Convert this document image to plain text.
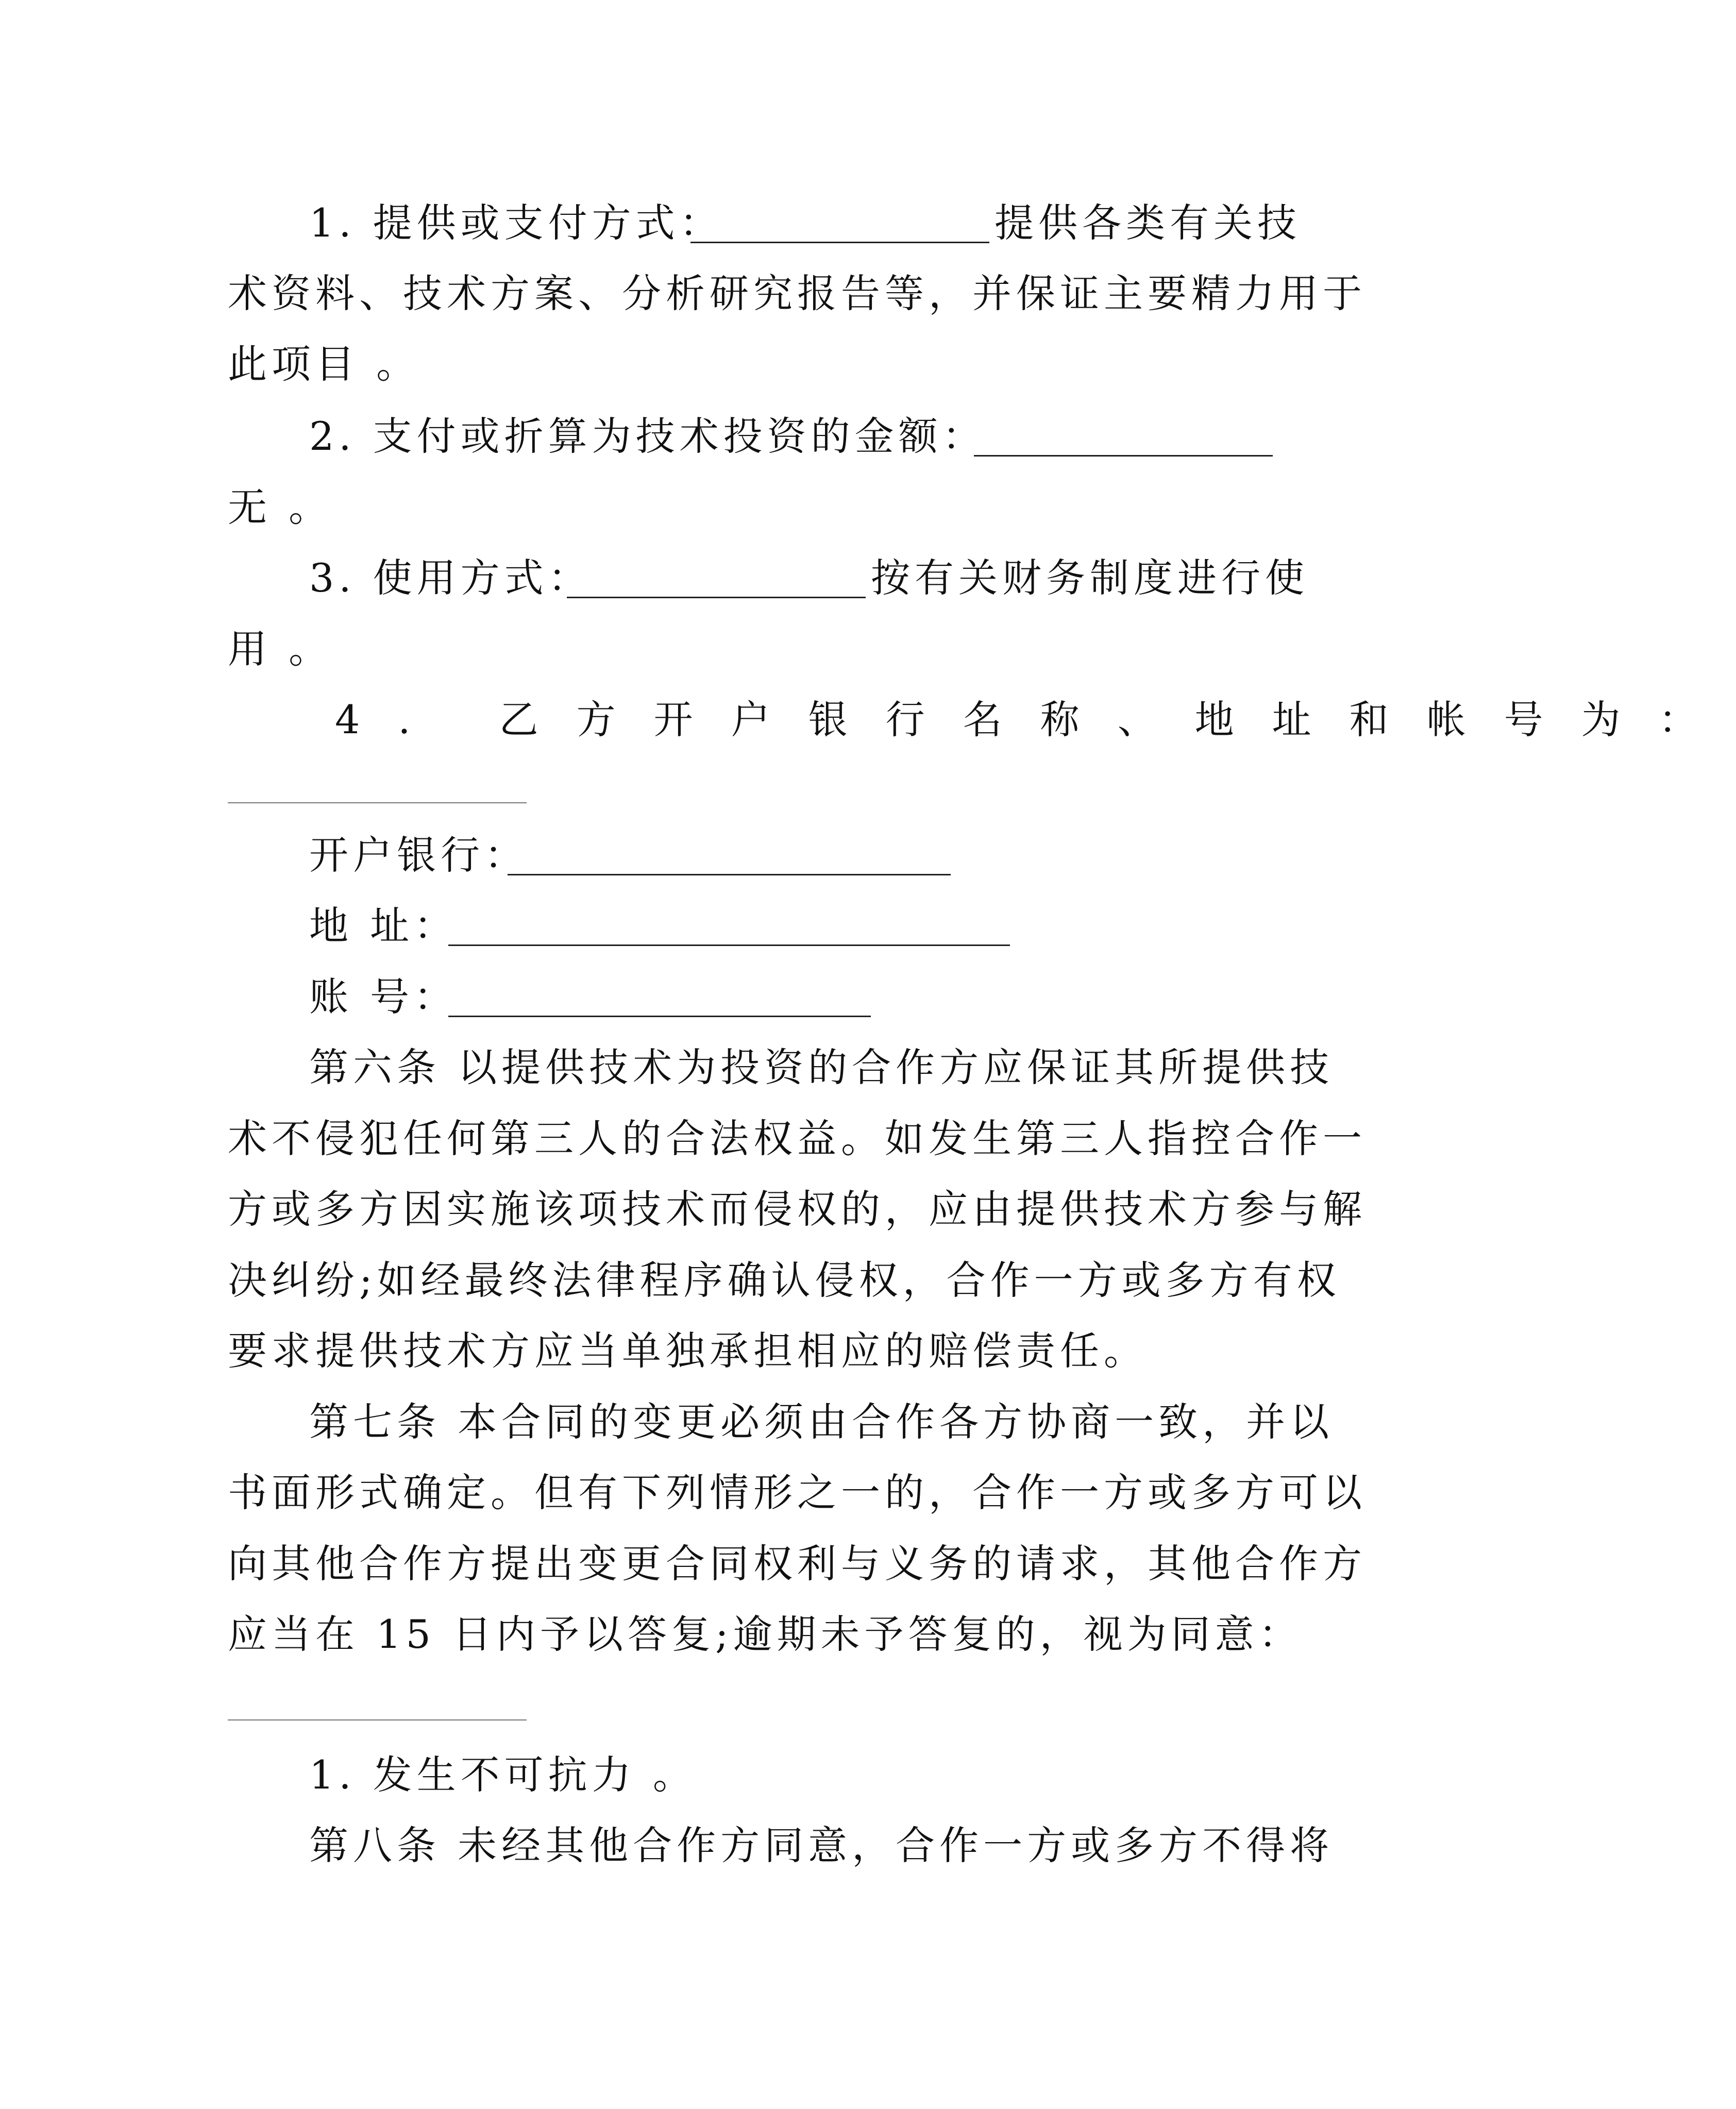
1. 提供或支付方式：	提供各类有关技
术资料、技术方案、分析研究报告等，并保证主要精力用于
此项目 。
2. 支付或折算为技术投资的金额：
无 。
3. 使用方式：	按有关财务制度进行使
用 。
4. 乙方开户银行名称、地址和帐号为：
开户银行：
地 址：
账 号：
第六条 以提供技术为投资的合作方应保证其所提供技
术不侵犯任何第三人的合法权益。如发生第三人指控合作一
方或多方因实施该项技术而侵权的，应由提供技术方参与解
决纠纷;如经最终法律程序确认侵权，合作一方或多方有权
要求提供技术方应当单独承担相应的赔偿责任。
第七条 本合同的变更必须由合作各方协商一致，并以
书面形式确定。但有下列情形之一的，合作一方或多方可以
向其他合作方提出变更合同权利与义务的请求，其他合作方
应当在 15 日内予以答复;逾期未予答复的，视为同意：
1. 发生不可抗力 。
第八条 未经其他合作方同意，合作一方或多方不得将
